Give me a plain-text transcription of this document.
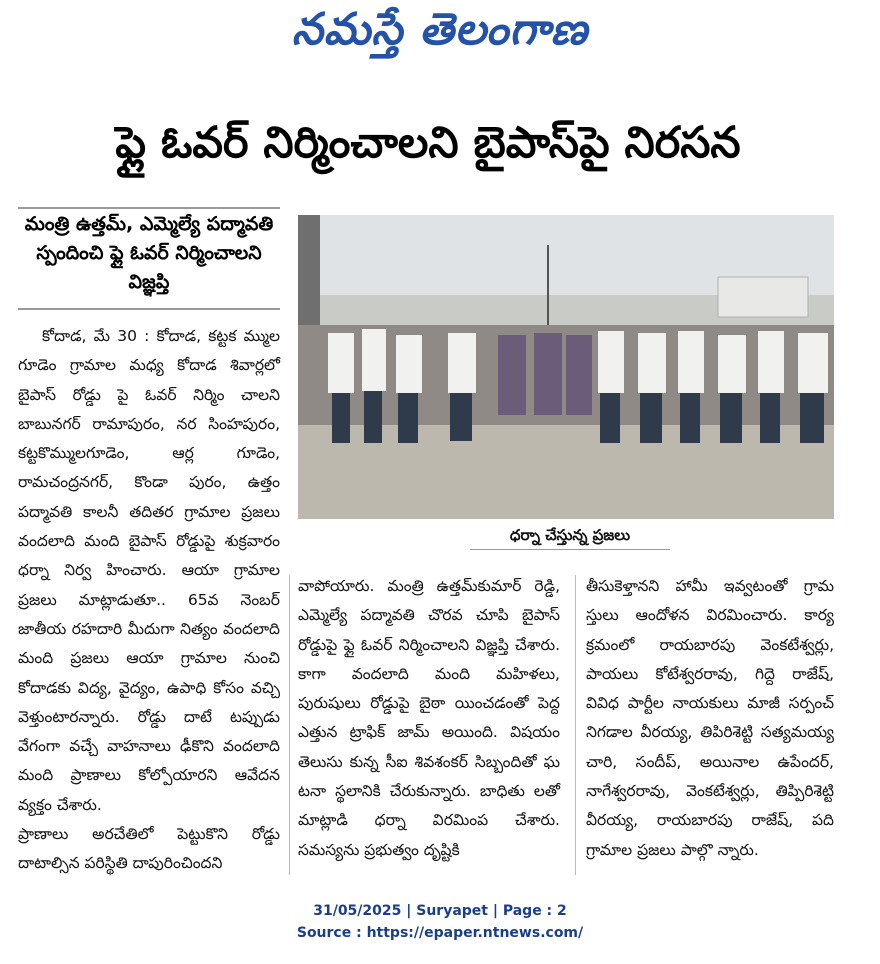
నమస్తే తెలంగాణ
ఫ్లై ఓవర్ నిర్మించాలని బైపాస్‌పై నిరసన
మంత్రి ఉత్తమ్, ఎమ్మెల్యే పద్మావతి స్పందించి ఫ్లై ఓవర్ నిర్మించాలని విజ్ఞప్తి

కోదాడ, మే 30 : కోదాడ, కట్టక మ్ముల గూడెం గ్రామాల మధ్య కోదాడ శివార్లలో బైపాస్ రోడ్డు పై ఓవర్ నిర్మిం చాలని బాబునగర్ రామాపురం, నర సింహపురం, కట్టకొమ్ములగూడెం, ఆర్ల గూడెం, రామచంద్రనగర్, కొండా పురం, ఉత్తం పద్మావతి కాలనీ తదితర గ్రామాల ప్రజలు వందలాది మంది బైపాస్ రోడ్డుపై శుక్రవారం ధర్నా నిర్వ హించారు. ఆయా గ్రామాల ప్రజలు మాట్లాడుతూ.. 65వ నెంబర్ జాతీయ రహదారి మీదుగా నిత్యం వందలాది మంది ప్రజలు ఆయా గ్రామాల నుంచి కోదాడకు విద్య, వైద్యం, ఉపాధి కోసం వచ్చి వెళ్తుంటారన్నారు. రోడ్డు దాటే టప్పుడు వేగంగా వచ్చే వాహనాలు ఢీకొని వందలాది మంది ప్రాణాలు కోల్పోయారని ఆవేదన వ్యక్తం చేశారు.

ప్రాణాలు అరచేతిలో పెట్టుకొని రోడ్డు దాటాల్సిన పరిస్థితి దాపురించిందని

ధర్నా చేస్తున్న ప్రజలు

వాపోయారు. మంత్రి ఉత్తమ్‌కుమార్ రెడ్డి, ఎమ్మెల్యే పద్మావతి చొరవ చూపి బైపాస్ రోడ్డుపై ఫ్లై ఓవర్ నిర్మించాలని విజ్ఞప్తి చేశారు. కాగా వందలాది మంది మహిళలు, పురుషులు రోడ్డుపై బైఠా యించడంతో పెద్ద ఎత్తున ట్రాఫిక్ జామ్ అయింది. విషయం తెలుసు కున్న సీఐ శివశంకర్ సిబ్బందితో ఘ టనా స్థలానికి చేరుకున్నారు. బాధితు లతో మాట్లాడి ధర్నా విరమింప చేశారు. సమస్యను ప్రభుత్వం దృష్టికి

తీసుకెళ్తానని హామీ ఇవ్వటంతో గ్రామ స్తులు ఆందోళన విరమించారు. కార్య క్రమంలో రాయబారపు వెంకటేశ్వర్లు, పాయలు కోటేశ్వరరావు, గిద్దె రాజేష్, వివిధ పార్టీల నాయకులు మాజీ సర్పంచ్ నిగడాల వీరయ్య, తిపిరిశెట్టి సత్యమయ్య చారి, సందీప్, అయినాల ఉపేందర్, నాగేశ్వరరావు, వెంకటేశ్వర్లు, తిప్పిరిశెట్టి వీరయ్య, రాయబారపు రాజేష్, పది గ్రామాల ప్రజలు పాల్గొ న్నారు.

31/05/2025 | Suryapet | Page : 2
Source : https://epaper.ntnews.com/
